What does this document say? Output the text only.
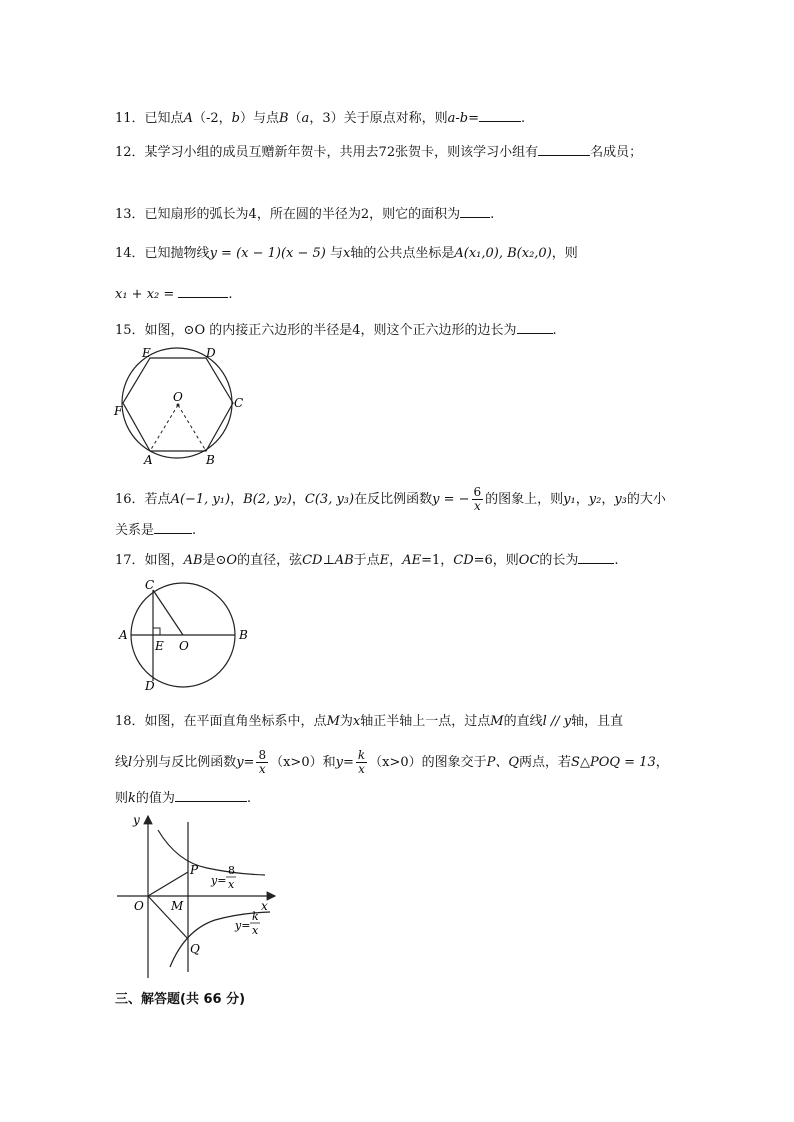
11．已知点A（-2，b）与点B（a，3）关于原点对称，则a-b=	.
12．某学习小组的成员互赠新年贺卡，共用去72张贺卡，则该学习小组有	名成员；
13．已知扇形的弧长为4，所在圆的半径为2，则它的面积为 .
14．已知抛物线y = (x − 1)(x − 5) 与x轴的公共点坐标是A(x₁,0), B(x₂,0)，则
x₁ + x₂ =	.
15．如图，⊙O 的内接正六边形的半径是4，则这个正六边形的边长为	.
E	D
F
O	C
A	B
16．若点A(−1, y₁)，B(2, y₂)，C(3, y₃)在反比例函数y = − $\frac{6}{x}$ 的图象上，则y₁，y₂，y₃的大小
关系是	.
17．如图，AB是⊙O的直径，弦CD⊥AB于点E，AE=1，CD=6，则OC的长为	.
C
A
E O
B
D
18．如图，在平面直角坐标系中，点M为x轴正半轴上一点，过点M的直线l // y轴，且直
线l分别与反比例函数$y= \frac{8}{x} (x>0)$和$y= \frac{k}{x} (x>0)$的图象交于P、Q两点，若S△POQ = 13，
则k的值为	.
y
x
O M
P
Q
y=
8
x
y=
k
x
三、解答题(共 66 分)
